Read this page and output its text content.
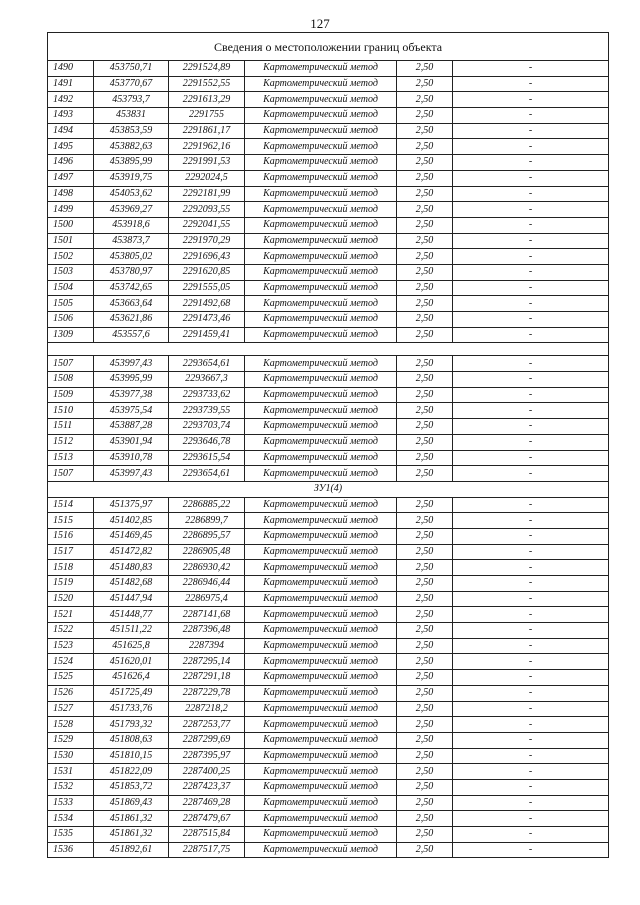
127
Сведения о местоположении границ объекта					
1490	453750,71	2291524,89	Картометрический метод	2,50	-
1491	453770,67	2291552,55	Картометрический метод	2,50	-
1492	453793,7	2291613,29	Картометрический метод	2,50	-
1493	453831	2291755	Картометрический метод	2,50	-
1494	453853,59	2291861,17	Картометрический метод	2,50	-
1495	453882,63	2291962,16	Картометрический метод	2,50	-
1496	453895,99	2291991,53	Картометрический метод	2,50	-
1497	453919,75	2292024,5	Картометрический метод	2,50	-
1498	454053,62	2292181,99	Картометрический метод	2,50	-
1499	453969,27	2292093,55	Картометрический метод	2,50	-
1500	453918,6	2292041,55	Картометрический метод	2,50	-
1501	453873,7	2291970,29	Картометрический метод	2,50	-
1502	453805,02	2291696,43	Картометрический метод	2,50	-
1503	453780,97	2291620,85	Картометрический метод	2,50	-
1504	453742,65	2291555,05	Картометрический метод	2,50	-
1505	453663,64	2291492,68	Картометрический метод	2,50	-
1506	453621,86	2291473,46	Картометрический метод	2,50	-
1309	453557,6	2291459,41	Картометрический метод	2,50	-

1507	453997,43	2293654,61	Картометрический метод	2,50	-
1508	453995,99	2293667,3	Картометрический метод	2,50	-
1509	453977,38	2293733,62	Картометрический метод	2,50	-
1510	453975,54	2293739,55	Картометрический метод	2,50	-
1511	453887,28	2293703,74	Картометрический метод	2,50	-
1512	453901,94	2293646,78	Картометрический метод	2,50	-
1513	453910,78	2293615,54	Картометрический метод	2,50	-
1507	453997,43	2293654,61	Картометрический метод	2,50	-
ЗУ1(4)					
1514	451375,97	2286885,22	Картометрический метод	2,50	-
1515	451402,85	2286899,7	Картометрический метод	2,50	-
1516	451469,45	2286895,57	Картометрический метод	2,50	-
1517	451472,82	2286905,48	Картометрический метод	2,50	-
1518	451480,83	2286930,42	Картометрический метод	2,50	-
1519	451482,68	2286946,44	Картометрический метод	2,50	-
1520	451447,94	2286975,4	Картометрический метод	2,50	-
1521	451448,77	2287141,68	Картометрический метод	2,50	-
1522	451511,22	2287396,48	Картометрический метод	2,50	-
1523	451625,8	2287394	Картометрический метод	2,50	-
1524	451620,01	2287295,14	Картометрический метод	2,50	-
1525	451626,4	2287291,18	Картометрический метод	2,50	-
1526	451725,49	2287229,78	Картометрический метод	2,50	-
1527	451733,76	2287218,2	Картометрический метод	2,50	-
1528	451793,32	2287253,77	Картометрический метод	2,50	-
1529	451808,63	2287299,69	Картометрический метод	2,50	-
1530	451810,15	2287395,97	Картометрический метод	2,50	-
1531	451822,09	2287400,25	Картометрический метод	2,50	-
1532	451853,72	2287423,37	Картометрический метод	2,50	-
1533	451869,43	2287469,28	Картометрический метод	2,50	-
1534	451861,32	2287479,67	Картометрический метод	2,50	-
1535	451861,32	2287515,84	Картометрический метод	2,50	-
1536	451892,61	2287517,75	Картометрический метод	2,50	-
